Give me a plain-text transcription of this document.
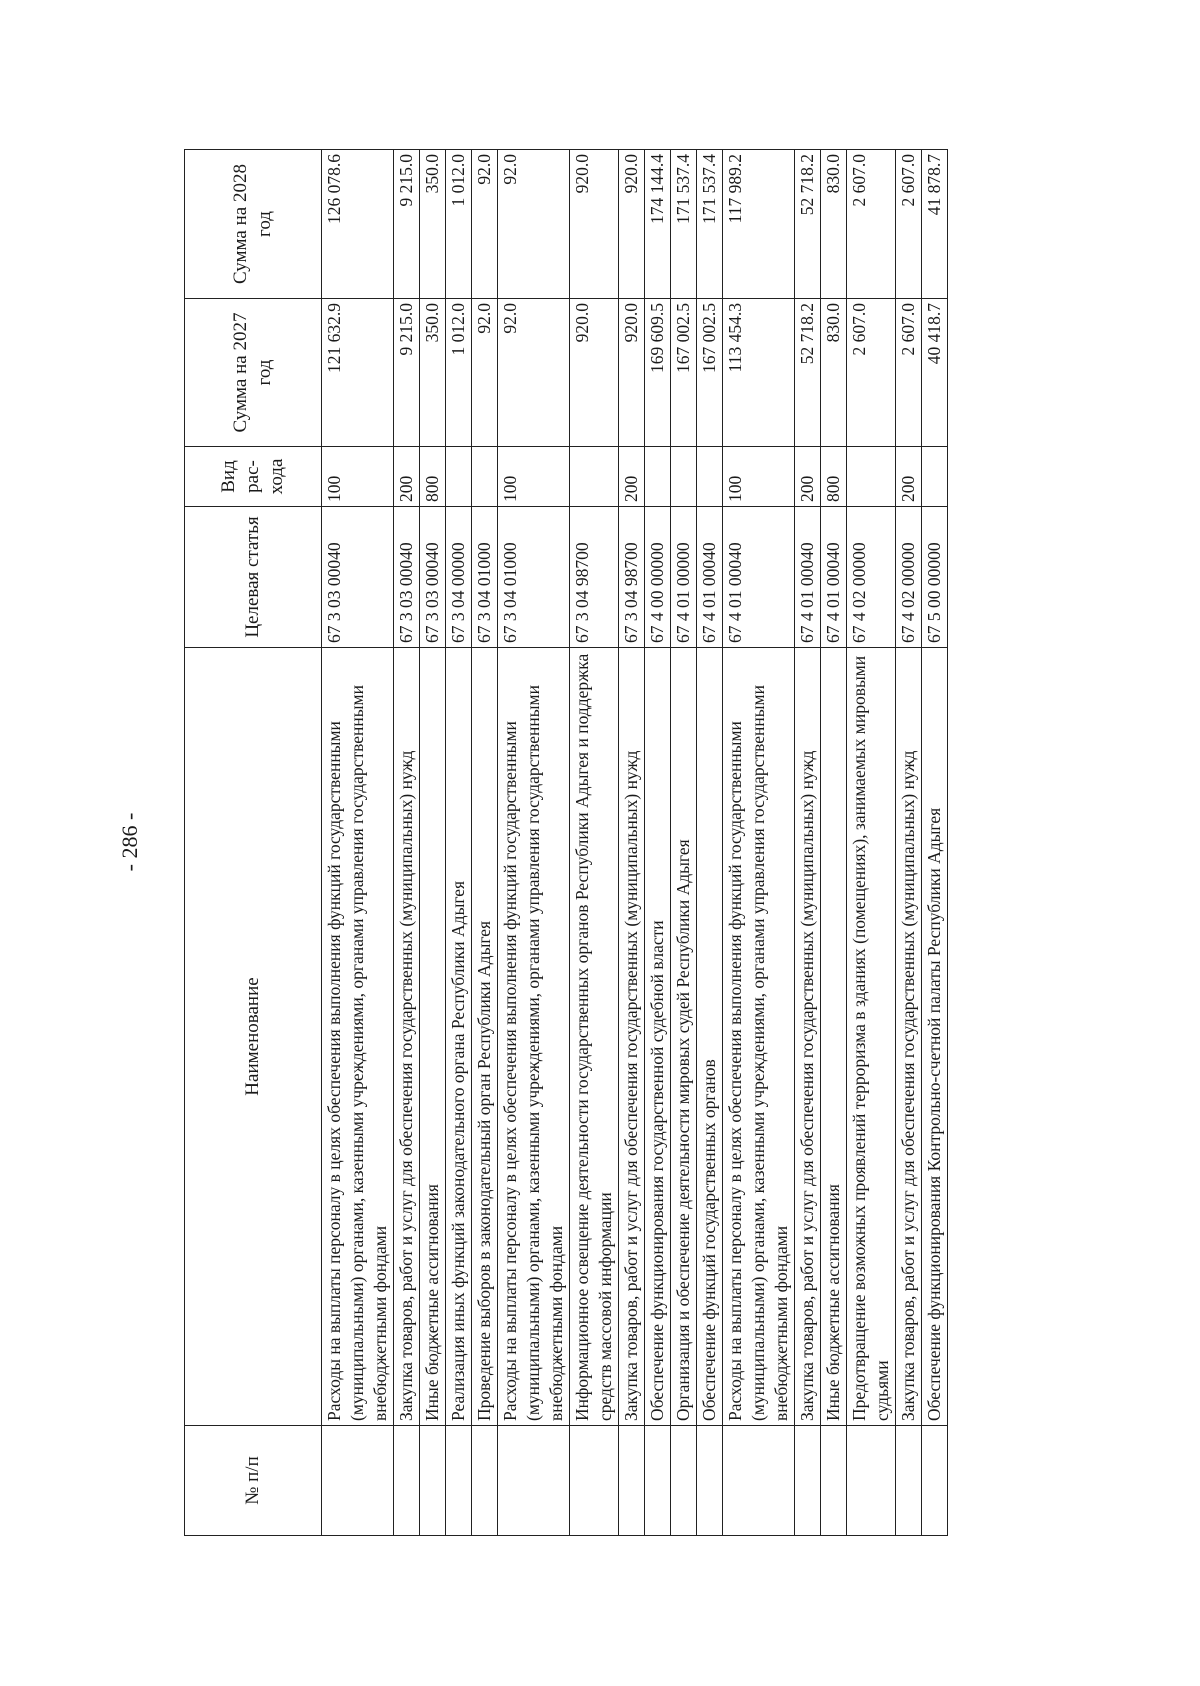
- 286 -
№ п/п	Наименование	Целевая статья	Вид рас- хода	Сумма на 2027 год	Сумма на 2028 год
	Расходы на выплаты персоналу в целях обеспечения выполнения функций государственными (муниципальными) органами, казенными учреждениями, органами управления государственными внебюджетными фондами	67 3 03 00040	100	121 632.9	126 078.6
	Закупка товаров, работ и услуг для обеспечения государственных (муниципальных) нужд	67 3 03 00040	200	9 215.0	9 215.0
	Иные бюджетные ассигнования	67 3 03 00040	800	350.0	350.0
	Реализация иных функций законодательного органа Республики Адыгея	67 3 04 00000		1 012.0	1 012.0
	Проведение выборов в законодательный орган Республики Адыгея	67 3 04 01000		92.0	92.0
	Расходы на выплаты персоналу в целях обеспечения выполнения функций государственными (муниципальными) органами, казенными учреждениями, органами управления государственными внебюджетными фондами	67 3 04 01000	100	92.0	92.0
	Информационное освещение деятельности государственных органов Республики Адыгея и поддержка средств массовой информации	67 3 04 98700		920.0	920.0
	Закупка товаров, работ и услуг для обеспечения государственных (муниципальных) нужд	67 3 04 98700	200	920.0	920.0
	Обеспечение функционирования государственной судебной власти	67 4 00 00000		169 609.5	174 144.4
	Организация и обеспечение деятельности мировых судей Республики Адыгея	67 4 01 00000		167 002.5	171 537.4
	Обеспечение функций государственных органов	67 4 01 00040		167 002.5	171 537.4
	Расходы на выплаты персоналу в целях обеспечения выполнения функций государственными (муниципальными) органами, казенными учреждениями, органами управления государственными внебюджетными фондами	67 4 01 00040	100	113 454.3	117 989.2
	Закупка товаров, работ и услуг для обеспечения государственных (муниципальных) нужд	67 4 01 00040	200	52 718.2	52 718.2
	Иные бюджетные ассигнования	67 4 01 00040	800	830.0	830.0
	Предотвращение возможных проявлений терроризма в зданиях (помещениях), занимаемых мировыми судьями	67 4 02 00000		2 607.0	2 607.0
	Закупка товаров, работ и услуг для обеспечения государственных (муниципальных) нужд	67 4 02 00000	200	2 607.0	2 607.0
	Обеспечение функционирования Контрольно-счетной палаты Республики Адыгея	67 5 00 00000		40 418.7	41 878.7
